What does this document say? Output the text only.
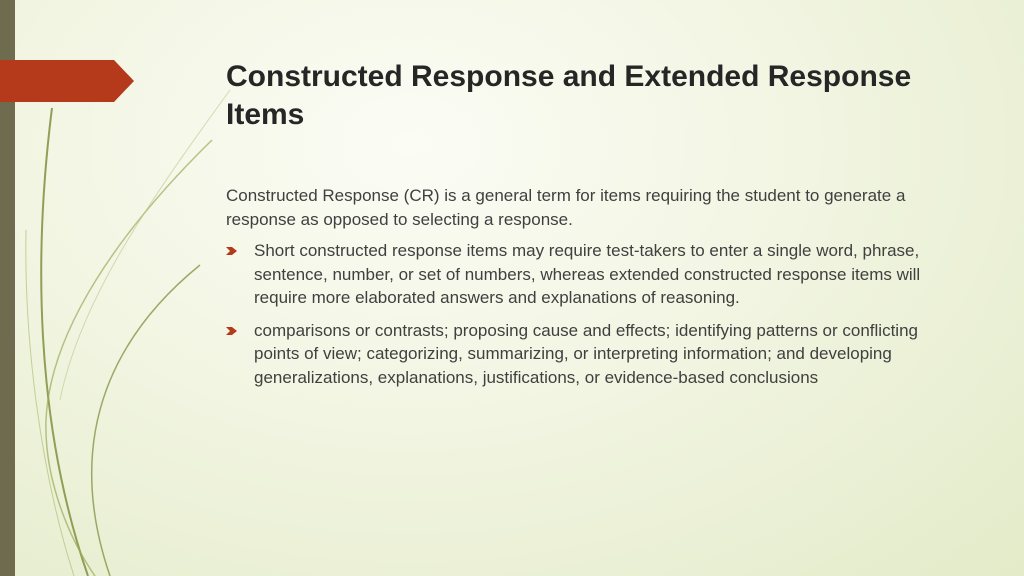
Constructed Response and Extended Response Items

Constructed Response (CR) is a general term for items requiring the student to generate a response as opposed to selecting a response.

Short constructed response items may require test-takers to enter a single word, phrase, sentence, number, or set of numbers, whereas extended constructed response items will require more elaborated answers and explanations of reasoning.
comparisons or contrasts; proposing cause and effects; identifying patterns or conflicting points of view; categorizing, summarizing, or interpreting information; and developing generalizations, explanations, justifications, or evidence-based conclusions
